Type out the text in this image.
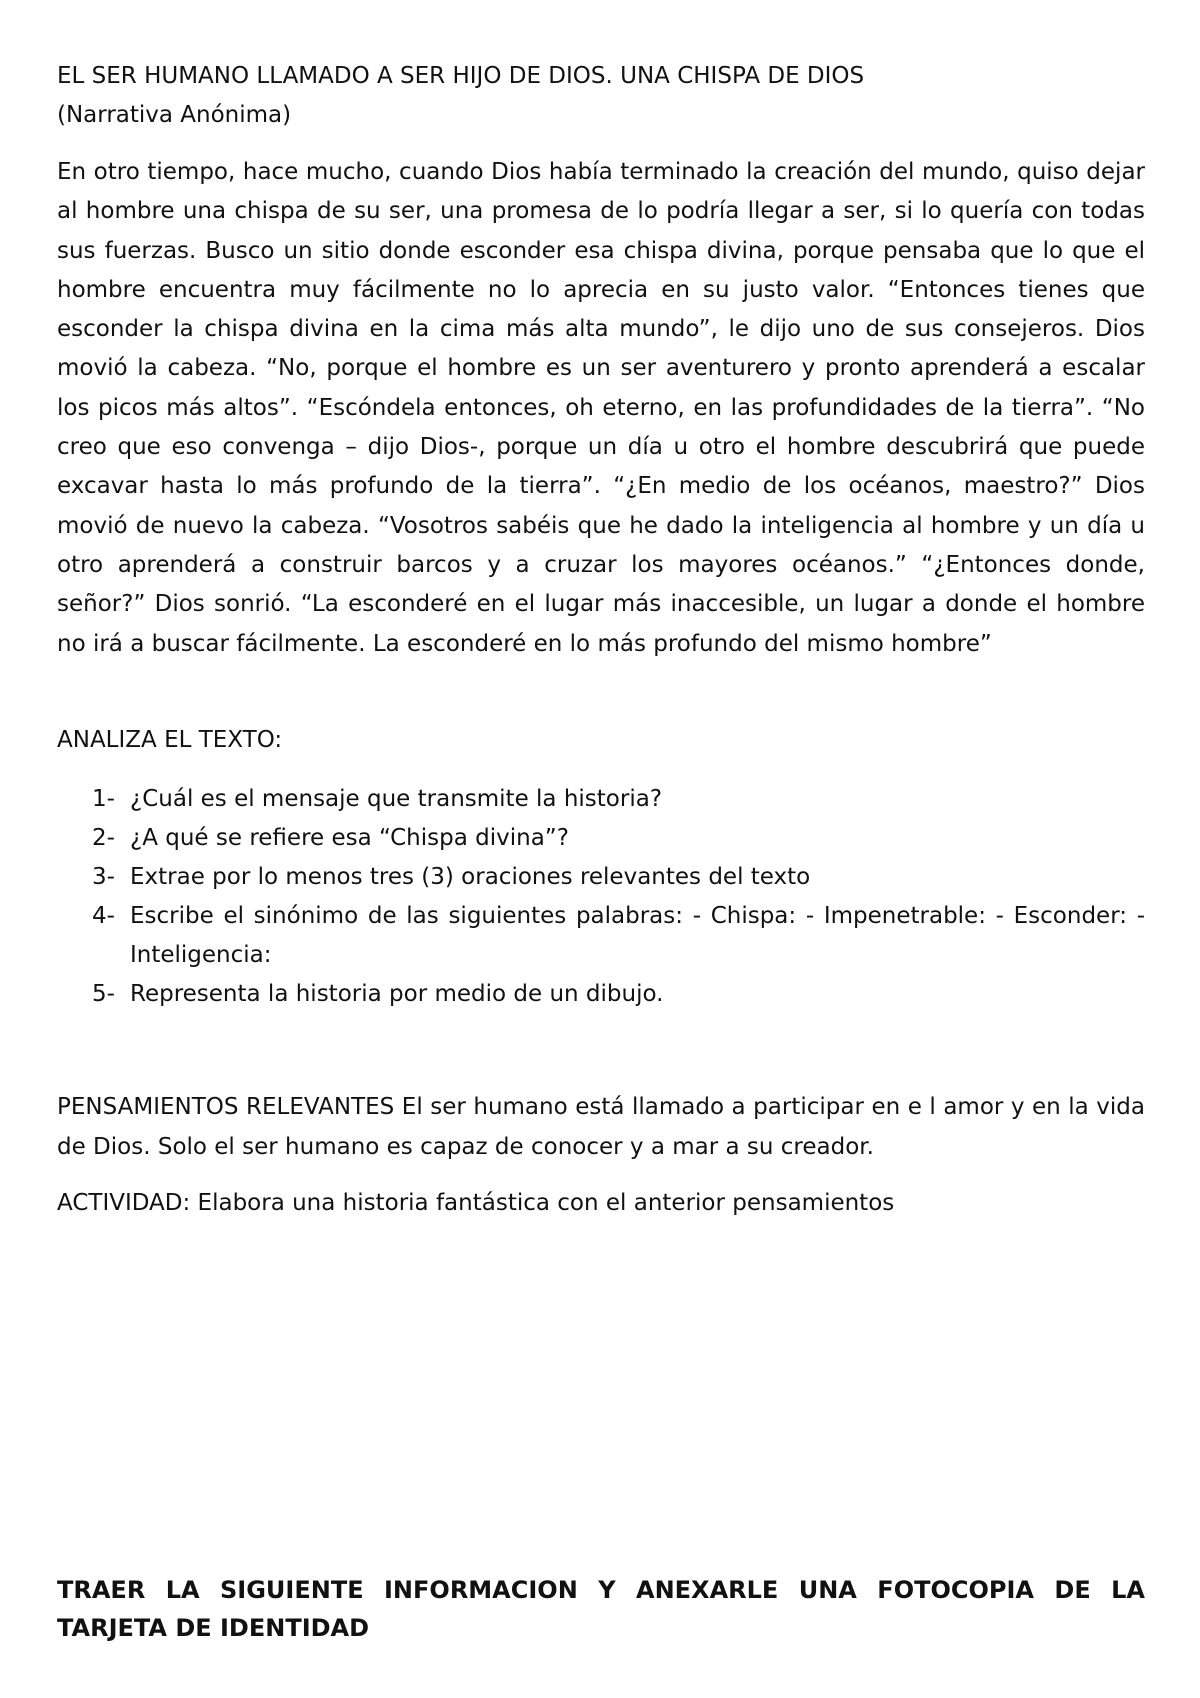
EL SER HUMANO LLAMADO A SER HIJO DE DIOS. UNA CHISPA DE DIOS
(Narrativa Anónima)

En otro tiempo, hace mucho, cuando Dios había terminado la creación del mundo, quiso dejar al hombre una chispa de su ser, una promesa de lo podría llegar a ser, si lo quería con todas sus fuerzas. Busco un sitio donde esconder esa chispa divina, porque pensaba que lo que el hombre encuentra muy fácilmente no lo aprecia en su justo valor. “Entonces tienes que esconder la chispa divina en la cima más alta mundo”, le dijo uno de sus consejeros. Dios movió la cabeza. “No, porque el hombre es un ser aventurero y pronto aprenderá a escalar los picos más altos”. “Escóndela entonces, oh eterno, en las profundidades de la tierra”. “No creo que eso convenga – dijo Dios-, porque un día u otro el hombre descubrirá que puede excavar hasta lo más profundo de la tierra”. “¿En medio de los océanos, maestro?” Dios movió de nuevo la cabeza. “Vosotros sabéis que he dado la inteligencia al hombre y un día u otro aprenderá a construir barcos y a cruzar los mayores océanos.” “¿Entonces donde, señor?” Dios sonrió. “La esconderé en el lugar más inaccesible, un lugar a donde el hombre no irá a buscar fácilmente. La esconderé en lo más profundo del mismo hombre”

ANALIZA EL TEXTO:
1- ¿Cuál es el mensaje que transmite la historia?
2- ¿A qué se refiere esa “Chispa divina”?
3- Extrae por lo menos tres (3) oraciones relevantes del texto
4- Escribe el sinónimo de las siguientes palabras: - Chispa: - Impenetrable: - Esconder: - Inteligencia:
5- Representa la historia por medio de un dibujo.

PENSAMIENTOS RELEVANTES El ser humano está llamado a participar en e l amor y en la vida de Dios. Solo el ser humano es capaz de conocer y a mar a su creador.

ACTIVIDAD: Elabora una historia fantástica con el anterior pensamientos

TRAER LA SIGUIENTE INFORMACION Y ANEXARLE UNA FOTOCOPIA DE LA TARJETA DE IDENTIDAD
